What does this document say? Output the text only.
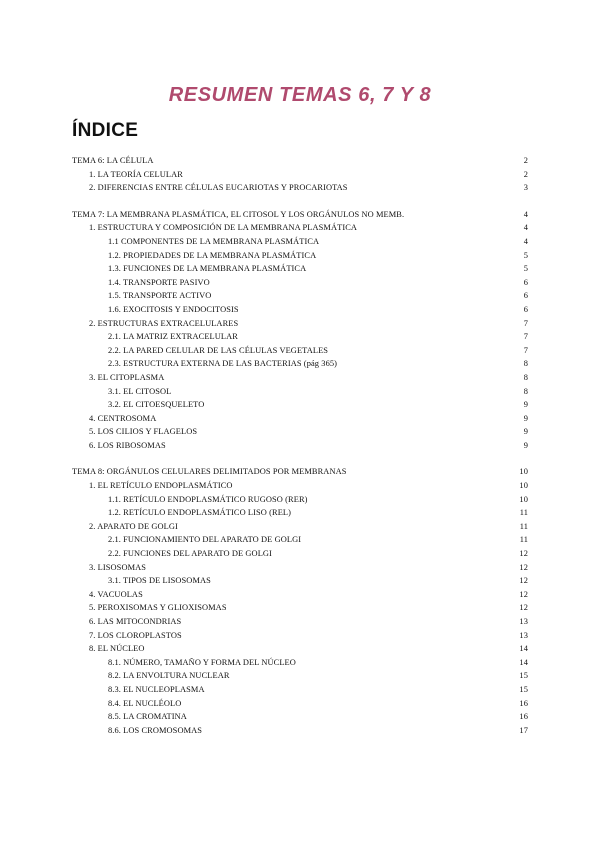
RESUMEN TEMAS 6, 7 Y 8
ÍNDICE
TEMA 6: LA CÉLULA	2
1. LA TEORÍA CELULAR	2
2. DIFERENCIAS ENTRE CÉLULAS EUCARIOTAS Y PROCARIOTAS	3
TEMA 7: LA MEMBRANA PLASMÁTICA, EL CITOSOL Y LOS ORGÁNULOS NO MEMB.	4
1. ESTRUCTURA Y COMPOSICIÓN DE LA MEMBRANA PLASMÁTICA	4
1.1 COMPONENTES DE LA MEMBRANA PLASMÁTICA	4
1.2. PROPIEDADES DE LA MEMBRANA PLASMÁTICA	5
1.3. FUNCIONES DE LA MEMBRANA PLASMÁTICA	5
1.4. TRANSPORTE PASIVO	6
1.5. TRANSPORTE ACTIVO	6
1.6. EXOCITOSIS Y ENDOCITOSIS	6
2. ESTRUCTURAS EXTRACELULARES	7
2.1. LA MATRIZ EXTRACELULAR	7
2.2. LA PARED CELULAR DE LAS CÉLULAS VEGETALES	7
2.3. ESTRUCTURA EXTERNA DE LAS BACTERIAS (pág 365)	8
3. EL CITOPLASMA	8
3.1. EL CITOSOL	8
3.2. EL CITOESQUELETO	9
4. CENTROSOMA	9
5. LOS CILIOS Y FLAGELOS	9
6. LOS RIBOSOMAS	9
TEMA 8: ORGÁNULOS CELULARES DELIMITADOS POR MEMBRANAS	10
1. EL RETÍCULO ENDOPLASMÁTICO	10
1.1. RETÍCULO ENDOPLASMÁTICO RUGOSO (RER)	10
1.2. RETÍCULO ENDOPLASMÁTICO LISO (REL)	11
2. APARATO DE GOLGI	11
2.1. FUNCIONAMIENTO DEL APARATO DE GOLGI	11
2.2. FUNCIONES DEL APARATO DE GOLGI	12
3. LISOSOMAS	12
3.1. TIPOS DE LISOSOMAS	12
4. VACUOLAS	12
5. PEROXISOMAS Y GLIOXISOMAS	12
6. LAS MITOCONDRIAS	13
7. LOS CLOROPLASTOS	13
8. EL NÚCLEO	14
8.1. NÚMERO, TAMAÑO Y FORMA DEL NÚCLEO	14
8.2. LA ENVOLTURA NUCLEAR	15
8.3. EL NUCLEOPLASMA	15
8.4. EL NUCLÉOLO	16
8.5. LA CROMATINA	16
8.6. LOS CROMOSOMAS	17
